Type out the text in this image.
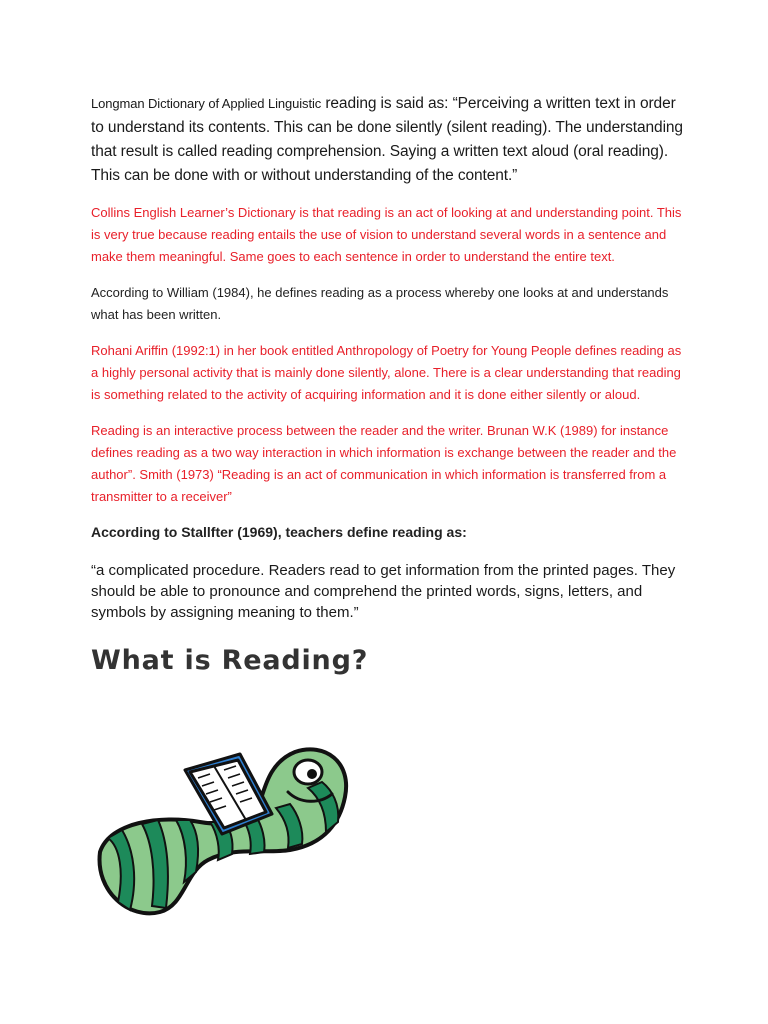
Longman Dictionary of Applied Linguistic reading is said as: “Perceiving a written text in order to understand its contents. This can be done silently (silent reading). The understanding that result is called reading comprehension. Saying a written text aloud (oral reading). This can be done with or without understanding of the content.”

Collins English Learner’s Dictionary is that reading is an act of looking at and understanding point. This is very true because reading entails the use of vision to understand several words in a sentence and make them meaningful. Same goes to each sentence in order to understand the entire text.

According to William (1984), he defines reading as a process whereby one looks at and understands what has been written.

Rohani Ariffin (1992:1) in her book entitled Anthropology of Poetry for Young People defines reading as a highly personal activity that is mainly done silently, alone. There is a clear understanding that reading is something related to the activity of acquiring information and it is done either silently or aloud.

Reading is an interactive process between the reader and the writer. Brunan W.K (1989) for instance defines reading as a two way interaction in which information is exchange between the reader and the author”. Smith (1973) “Reading is an act of communication in which information is transferred from a transmitter to a receiver”

According to Stallfter (1969), teachers define reading as:

“a complicated procedure. Readers read to get information from the printed pages. They should be able to pronounce and comprehend the printed words, signs, letters, and symbols by assigning meaning to them.”

What is Reading?
